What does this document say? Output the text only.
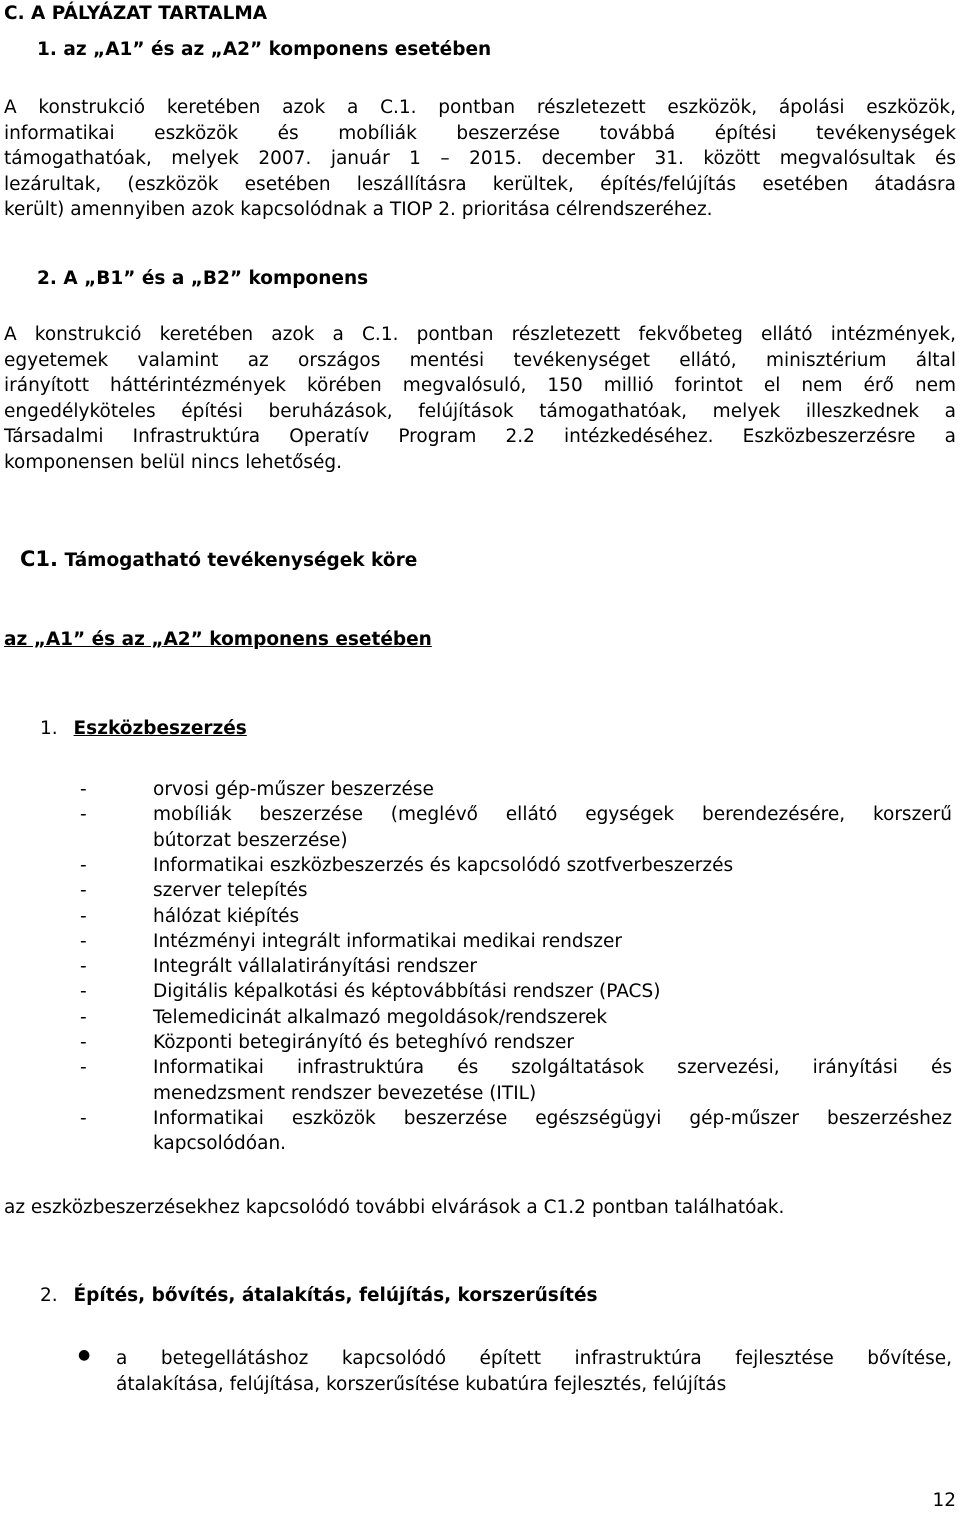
C. A PÁLYÁZAT TARTALMA
1. az „A1” és az „A2” komponens esetében
A konstrukció keretében azok a C.1. pontban részletezett eszközök, ápolási eszközök,
informatikai eszközök és mobíliák beszerzése továbbá építési tevékenységek
támogathatóak, melyek 2007. január 1 – 2015. december 31. között megvalósultak és
lezárultak, (eszközök esetében leszállításra kerültek, építés/felújítás esetében átadásra
került) amennyiben azok kapcsolódnak a TIOP 2. prioritása célrendszeréhez.
2. A „B1” és a „B2” komponens
A konstrukció keretében azok a C.1. pontban részletezett fekvőbeteg ellátó intézmények,
egyetemek valamint az országos mentési tevékenységet ellátó, minisztérium által
irányított háttérintézmények körében megvalósuló, 150 millió forintot el nem érő nem
engedélyköteles építési beruházások, felújítások támogathatóak, melyek illeszkednek a
Társadalmi Infrastruktúra Operatív Program 2.2 intézkedéséhez. Eszközbeszerzésre a
komponensen belül nincs lehetőség.
C1. Támogatható tevékenységek köre
az „A1” és az „A2” komponens esetében
1. Eszközbeszerzés
-	orvosi gép-műszer beszerzése
-	mobíliák beszerzése (meglévő ellátó egységek berendezésére, korszerű
bútorzat beszerzése)
-	Informatikai eszközbeszerzés és kapcsolódó szotfverbeszerzés
-	szerver telepítés
-	hálózat kiépítés
-	Intézményi integrált informatikai medikai rendszer
-	Integrált vállalatirányítási rendszer
-	Digitális képalkotási és képtovábbítási rendszer (PACS)
-	Telemedicinát alkalmazó megoldások/rendszerek
-	Központi betegirányító és beteghívó rendszer
-	Informatikai infrastruktúra és szolgáltatások szervezési, irányítási és
menedzsment rendszer bevezetése (ITIL)
-	Informatikai eszközök beszerzése egészségügyi gép-műszer beszerzéshez
kapcsolódóan.
az eszközbeszerzésekhez kapcsolódó további elvárások a C1.2 pontban találhatóak.
2. Építés, bővítés, átalakítás, felújítás, korszerűsítés
● a betegellátáshoz kapcsolódó épített infrastruktúra fejlesztése bővítése,
átalakítása, felújítása, korszerűsítése kubatúra fejlesztés, felújítás
12
